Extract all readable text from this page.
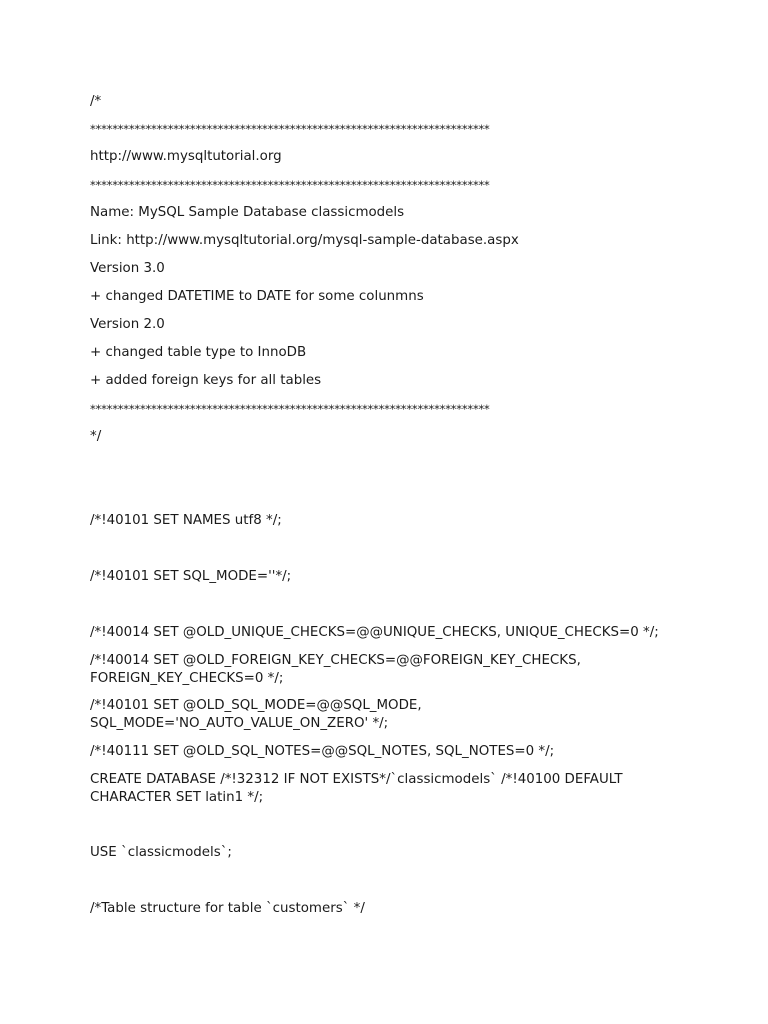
/*
************************************************************************
http://www.mysqltutorial.org
************************************************************************
Name: MySQL Sample Database classicmodels
Link: http://www.mysqltutorial.org/mysql-sample-database.aspx
Version 3.0
+ changed DATETIME to DATE for some colunmns
Version 2.0
+ changed table type to InnoDB
+ added foreign keys for all tables
************************************************************************
*/
/*!40101 SET NAMES utf8 */;
/*!40101 SET SQL_MODE=''*/;
/*!40014 SET @OLD_UNIQUE_CHECKS=@@UNIQUE_CHECKS, UNIQUE_CHECKS=0 */;
/*!40014 SET @OLD_FOREIGN_KEY_CHECKS=@@FOREIGN_KEY_CHECKS,
FOREIGN_KEY_CHECKS=0 */;
/*!40101 SET @OLD_SQL_MODE=@@SQL_MODE,
SQL_MODE='NO_AUTO_VALUE_ON_ZERO' */;
/*!40111 SET @OLD_SQL_NOTES=@@SQL_NOTES, SQL_NOTES=0 */;
CREATE DATABASE /*!32312 IF NOT EXISTS*/`classicmodels` /*!40100 DEFAULT
CHARACTER SET latin1 */;
USE `classicmodels`;
/*Table structure for table `customers` */
